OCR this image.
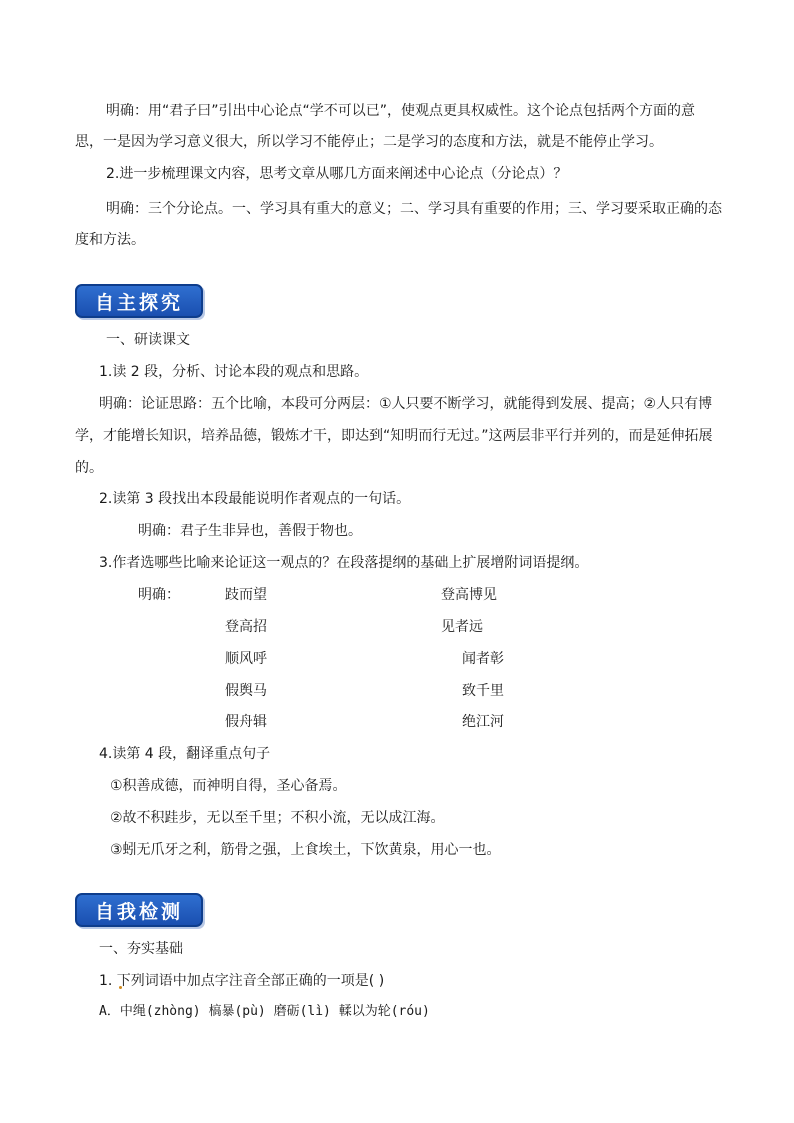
明确：用“君子曰”引出中心论点“学不可以已”，使观点更具权威性。这个论点包括两个方面的意
思，一是因为学习意义很大，所以学习不能停止；二是学习的态度和方法，就是不能停止学习。
2.进一步梳理课文内容，思考文章从哪几方面来阐述中心论点（分论点）？
明确：三个分论点。一、学习具有重大的意义；二、学习具有重要的作用；三、学习要采取正确的态
度和方法。
自主探究
一、研读课文
1.读 2 段，分析、讨论本段的观点和思路。
明确：论证思路：五个比喻，本段可分两层：①人只要不断学习，就能得到发展、提高；②人只有博
学，才能增长知识，培养品德，锻炼才干，即达到“知明而行无过。”这两层非平行并列的，而是延伸拓展
的。
2.读第 3 段找出本段最能说明作者观点的一句话。
明确：君子生非异也，善假于物也。
3.作者选哪些比喻来论证这一观点的？在段落提纲的基础上扩展增附词语提纲。
明确：	跂而望
登高招
顺风呼
假舆马
假舟辑
登高博见
见者远
闻者彰
致千里
绝江河
4.读第 4 段，翻译重点句子
①积善成德，而神明自得，圣心备焉。
②故不积跬步，无以至千里；不积小流，无以成江海。
③蚓无爪牙之利，筋骨之强，上食埃土，下饮黄泉，用心一也。
自我检测
一、夯实基础
1. 下列词语中加点字注音全部正确的一项是( )
A．中绳(zhòng) 槁暴(pù) 磨砺(lì) 輮以为轮(róu)
